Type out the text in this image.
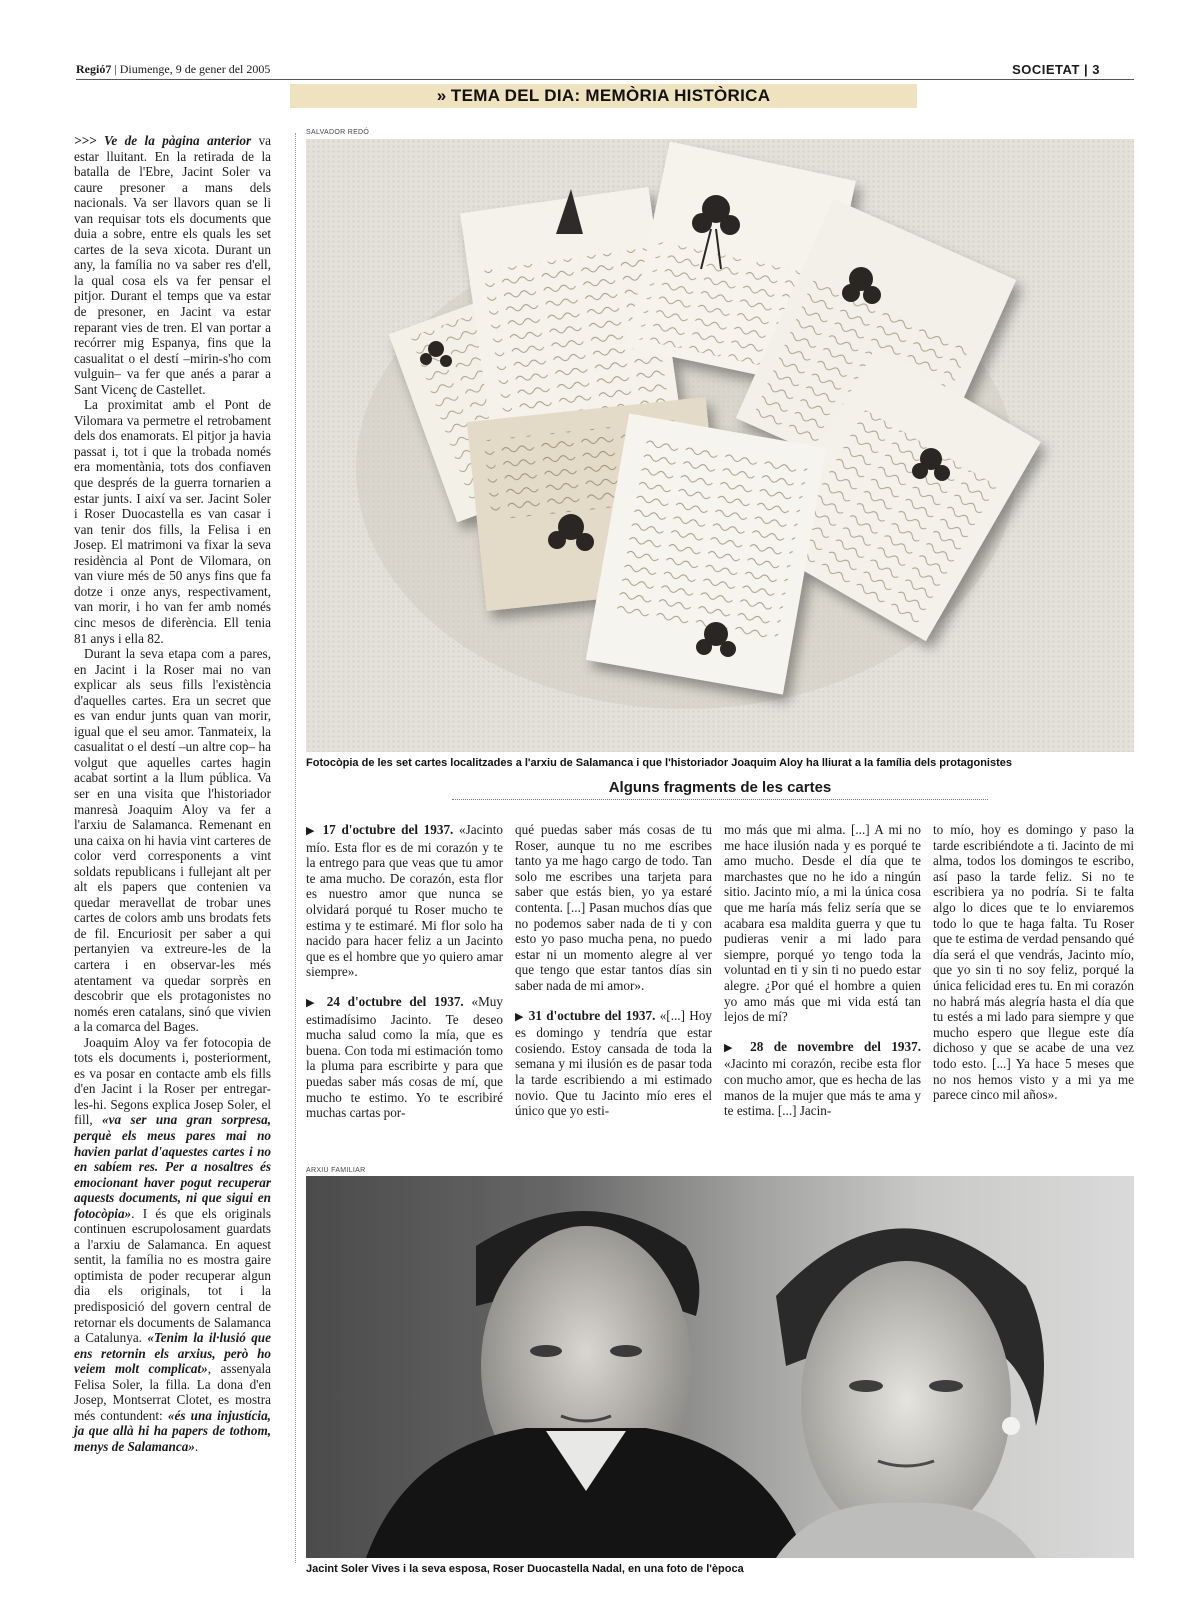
Regió7 | Diumenge, 9 de gener del 2005	SOCIETAT | 3
»
TEMA DEL DIA: MEMÒRIA HISTÒRICA

>>> Ve de la pàgina anterior va estar lluitant. En la retirada de la batalla de l'Ebre, Jacint Soler va caure presoner a mans dels nacionals. Va ser llavors quan se li van requisar tots els documents que duia a sobre, entre els quals les set cartes de la seva xicota. Durant un any, la família no va saber res d'ell, la qual cosa els va fer pensar el pitjor. Durant el temps que va estar de presoner, en Jacint va estar reparant vies de tren. El van portar a recórrer mig Espanya, fins que la casualitat o el destí –mirin-s'ho com vulguin– va fer que anés a parar a Sant Vicenç de Castellet.

La proximitat amb el Pont de Vilomara va permetre el retrobament dels dos enamorats. El pitjor ja havia passat i, tot i que la trobada només era momentània, tots dos confiaven que després de la guerra tornarien a estar junts. I així va ser. Jacint Soler i Roser Duocastella es van casar i van tenir dos fills, la Felisa i en Josep. El matrimoni va fixar la seva residència al Pont de Vilomara, on van viure més de 50 anys fins que fa dotze i onze anys, respectivament, van morir, i ho van fer amb només cinc mesos de diferència. Ell tenia 81 anys i ella 82.

Durant la seva etapa com a pares, en Jacint i la Roser mai no van explicar als seus fills l'existència d'aquelles cartes. Era un secret que es van endur junts quan van morir, igual que el seu amor. Tanmateix, la casualitat o el destí –un altre cop– ha volgut que aquelles cartes hagin acabat sortint a la llum pública. Va ser en una visita que l'historiador manresà Joaquim Aloy va fer a l'arxiu de Salamanca. Remenant en una caixa on hi havia vint carteres de color verd corresponents a vint soldats republicans i fullejant alt per alt els papers que contenien va quedar meravellat de trobar unes cartes de colors amb uns brodats fets de fil. Encuriosit per saber a qui pertanyien va extreure-les de la cartera i en observar-les més atentament va quedar sorprès en descobrir que els protagonistes no només eren catalans, sinó que vivien a la comarca del Bages.

Joaquim Aloy va fer fotocopia de tots els documents i, posteriorment, es va posar en contacte amb els fills d'en Jacint i la Roser per entregar-les-hi. Segons explica Josep Soler, el fill, «va ser una gran sorpresa, perquè els meus pares mai no havien parlat d'aquestes cartes i no en sabíem res. Per a nosaltres és emocionant haver pogut recuperar aquests documents, ni que sigui en fotocòpia». I és que els originals continuen escrupolosament guardats a l'arxiu de Salamanca. En aquest sentit, la família no es mostra gaire optimista de poder recuperar algun dia els originals, tot i la predisposició del govern central de retornar els documents de Salamanca a Catalunya. «Tenim la il·lusió que ens retornin els arxius, però ho veiem molt complicat», assenyala Felisa Soler, la filla. La dona d'en Josep, Montserrat Clotet, es mostra més contundent: «és una injustícia, ja que allà hi ha papers de tothom, menys de Salamanca».

SALVADOR REDÓ
Fotocòpia de les set cartes localitzades a l'arxiu de Salamanca i que l'historiador Joaquim Aloy ha lliurat a la família dels protagonistes
Alguns fragments de les cartes

▶ 17 d'octubre del 1937. «Jacinto mío. Esta flor es de mi corazón y te la entrego para que veas que tu amor te ama mucho. De corazón, esta flor es nuestro amor que nunca se olvidará porqué tu Roser mucho te estima y te estimaré. Mi flor solo ha nacido para hacer feliz a un Jacinto que es el hombre que yo quiero amar siempre».

▶ 24 d'octubre del 1937. «Muy estimadísimo Jacinto. Te deseo mucha salud como la mía, que es buena. Con toda mi estimación tomo la pluma para escribirte y para que puedas saber más cosas de mí, que mucho te estimo. Yo te escribiré muchas cartas por-

qué puedas saber más cosas de tu Roser, aunque tu no me escribes tanto ya me hago cargo de todo. Tan solo me escribes una tarjeta para saber que estás bien, yo ya estaré contenta. [...] Pasan muchos días que no podemos saber nada de ti y con esto yo paso mucha pena, no puedo estar ni un momento alegre al ver que tengo que estar tantos días sin saber nada de mi amor».

▶ 31 d'octubre del 1937. «[...] Hoy es domingo y tendría que estar cosiendo. Estoy cansada de toda la semana y mi ilusión es de pasar toda la tarde escribiendo a mi estimado novio. Que tu Jacinto mío eres el único que yo esti-

mo más que mi alma. [...] A mi no me hace ilusión nada y es porqué te amo mucho. Desde el día que te marchastes que no he ido a ningún sitio. Jacinto mío, a mi la única cosa que me haría más feliz sería que se acabara esa maldita guerra y que tu pudieras venir a mi lado para siempre, porqué yo tengo toda la voluntad en ti y sin ti no puedo estar alegre. ¿Por qué el hombre a quien yo amo más que mi vida está tan lejos de mí?

▶ 28 de novembre del 1937. «Jacinto mi corazón, recibe esta flor con mucho amor, que es hecha de las manos de la mujer que más te ama y te estima. [...] Jacin-

to mío, hoy es domingo y paso la tarde escribiéndote a ti. Jacinto de mi alma, todos los domingos te escribo, así paso la tarde feliz. Si no te escribiera ya no podría. Si te falta algo lo dices que te lo enviaremos todo lo que te haga falta. Tu Roser que te estima de verdad pensando qué día será el que vendrás, Jacinto mío, que yo sin ti no soy feliz, porqué la única felicidad eres tu. En mi corazón no habrá más alegría hasta el día que tu estés a mi lado para siempre y que mucho espero que llegue este día dichoso y que se acabe de una vez todo esto. [...] Ya hace 5 meses que no nos hemos visto y a mi ya me parece cinco mil años».

ARXIU FAMILIAR
Jacint Soler Vives i la seva esposa, Roser Duocastella Nadal, en una foto de l'època
